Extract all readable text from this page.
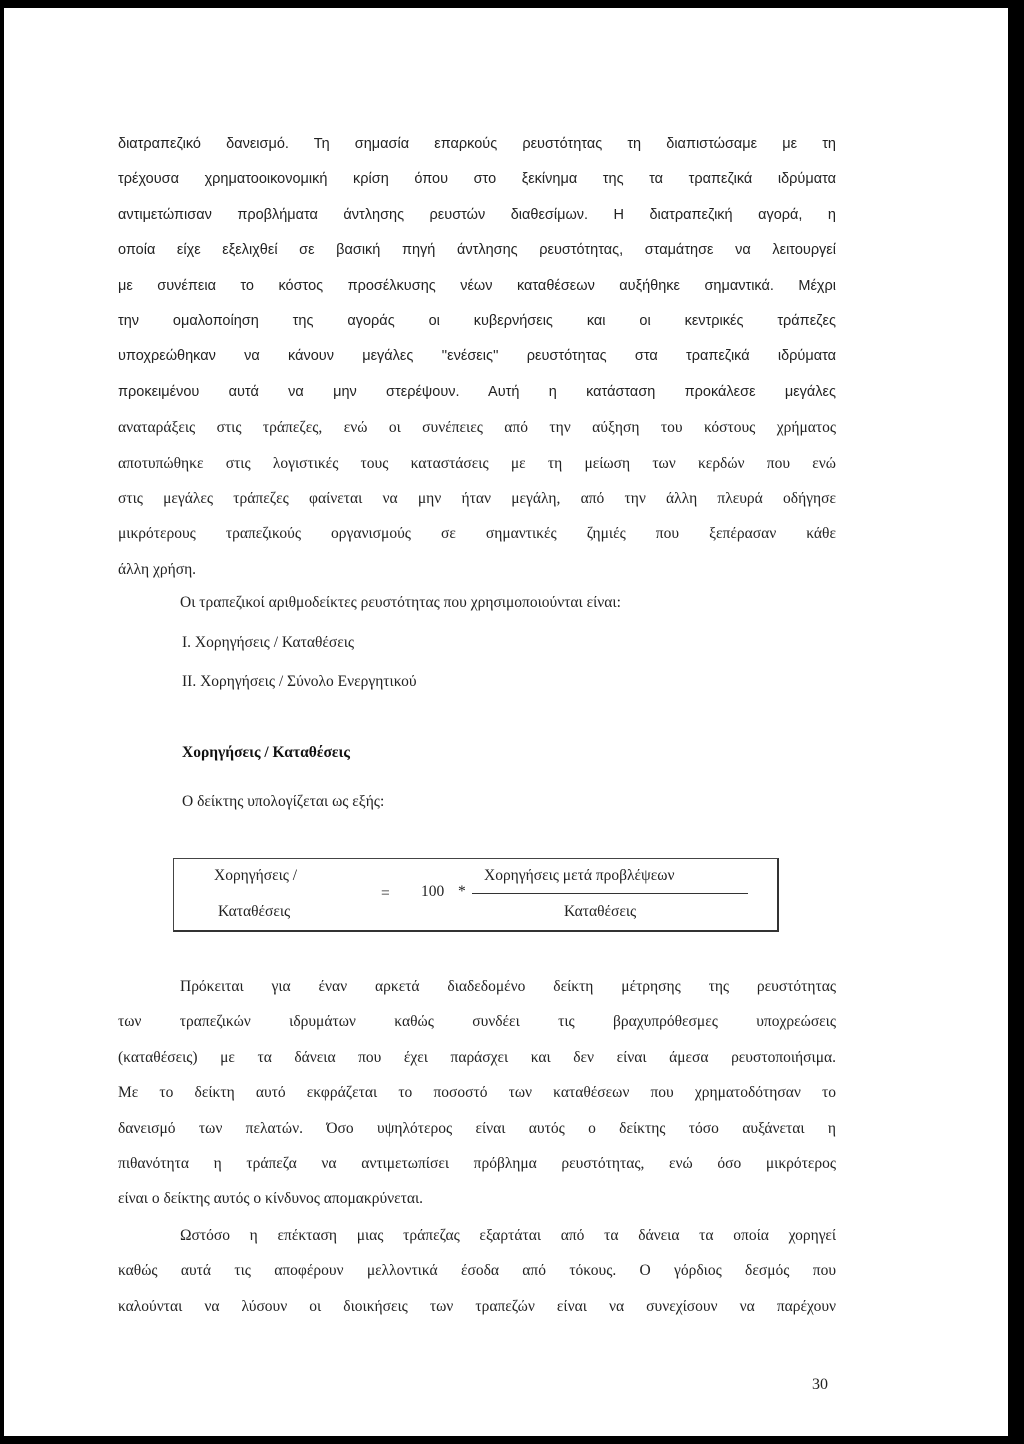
διατραπεζικό δανεισμό. Τη σημασία επαρκούς ρευστότητας τη διαπιστώσαμε με τη
τρέχουσα χρηματοοικονομική κρίση όπου στο ξεκίνημα της τα τραπεζικά ιδρύματα
αντιμετώπισαν προβλήματα άντλησης ρευστών διαθεσίμων. Η διατραπεζική αγορά, η
οποία είχε εξελιχθεί σε βασική πηγή άντλησης ρευστότητας, σταμάτησε να λειτουργεί
με συνέπεια το κόστος προσέλκυσης νέων καταθέσεων αυξήθηκε σημαντικά. Μέχρι
την ομαλοποίηση της αγοράς οι κυβερνήσεις και οι κεντρικές τράπεζες
υποχρεώθηκαν να κάνουν μεγάλες ''ενέσεις'' ρευστότητας στα τραπεζικά ιδρύματα
προκειμένου αυτά να μην στερέψουν. Αυτή η κατάσταση προκάλεσε μεγάλες
αναταράξεις στις τράπεζες, ενώ οι συνέπειες από την αύξηση του κόστους χρήματος
αποτυπώθηκε στις λογιστικές τους καταστάσεις με τη μείωση των κερδών που ενώ
στις μεγάλες τράπεζες φαίνεται να μην ήταν μεγάλη, από την άλλη πλευρά οδήγησε
μικρότερους τραπεζικούς οργανισμούς σε σημαντικές ζημιές που ξεπέρασαν κάθε
άλλη χρήση.
Οι τραπεζικοί αριθμοδείκτες ρευστότητας που χρησιμοποιούνται είναι:
I. Χορηγήσεις / Καταθέσεις
II. Χορηγήσεις / Σύνολο Ενεργητικού
Χορηγήσεις / Καταθέσεις
Ο δείκτης υπολογίζεται ως εξής:
Χορηγήσεις /
Καταθέσεις
= 100 *
Χορηγήσεις μετά προβλέψεων
Καταθέσεις
Πρόκειται για έναν αρκετά διαδεδομένο δείκτη μέτρησης της ρευστότητας
των τραπεζικών ιδρυμάτων καθώς συνδέει τις βραχυπρόθεσμες υποχρεώσεις
(καταθέσεις) με τα δάνεια που έχει παράσχει και δεν είναι άμεσα ρευστοποιήσιμα.
Με το δείκτη αυτό εκφράζεται το ποσοστό των καταθέσεων που χρηματοδότησαν το
δανεισμό των πελατών. Όσο υψηλότερος είναι αυτός ο δείκτης τόσο αυξάνεται η
πιθανότητα η τράπεζα να αντιμετωπίσει πρόβλημα ρευστότητας, ενώ όσο μικρότερος
είναι ο δείκτης αυτός ο κίνδυνος απομακρύνεται.
Ωστόσο η επέκταση μιας τράπεζας εξαρτάται από τα δάνεια τα οποία χορηγεί
καθώς αυτά τις αποφέρουν μελλοντικά έσοδα από τόκους. Ο γόρδιος δεσμός που
καλούνται να λύσουν οι διοικήσεις των τραπεζών είναι να συνεχίσουν να παρέχουν
30
